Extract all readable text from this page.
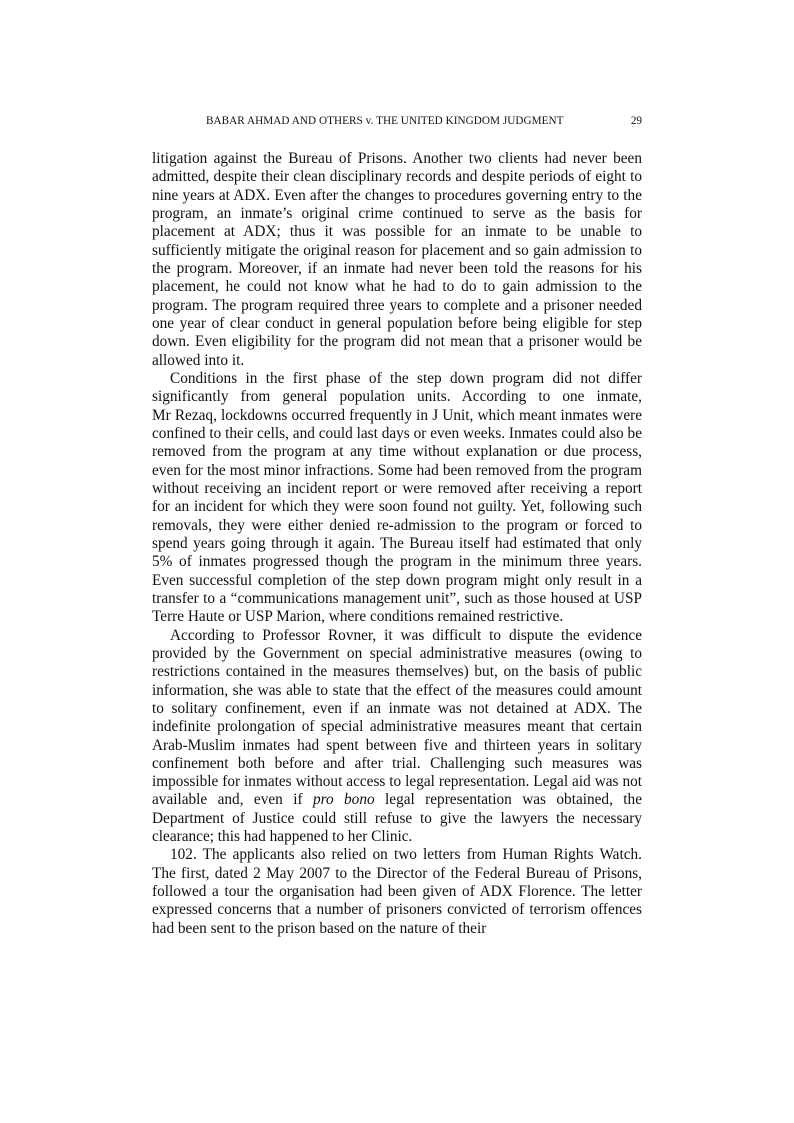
BABAR AHMAD AND OTHERS v. THE UNITED KINGDOM JUDGMENT	29

litigation against the Bureau of Prisons. Another two clients had never been admitted, despite their clean disciplinary records and despite periods of eight to nine years at ADX. Even after the changes to procedures governing entry to the program, an inmate’s original crime continued to serve as the basis for placement at ADX; thus it was possible for an inmate to be unable to sufficiently mitigate the original reason for placement and so gain admission to the program. Moreover, if an inmate had never been told the reasons for his placement, he could not know what he had to do to gain admission to the program. The program required three years to complete and a prisoner needed one year of clear conduct in general population before being eligible for step down. Even eligibility for the program did not mean that a prisoner would be allowed into it.

Conditions in the first phase of the step down program did not differ significantly from general population units. According to one inmate, Mr Rezaq, lockdowns occurred frequently in J Unit, which meant inmates were confined to their cells, and could last days or even weeks. Inmates could also be removed from the program at any time without explanation or due process, even for the most minor infractions. Some had been removed from the program without receiving an incident report or were removed after receiving a report for an incident for which they were soon found not guilty. Yet, following such removals, they were either denied re-admission to the program or forced to spend years going through it again. The Bureau itself had estimated that only 5% of inmates progressed though the program in the minimum three years. Even successful completion of the step down program might only result in a transfer to a “communications management unit”, such as those housed at USP Terre Haute or USP Marion, where conditions remained restrictive.

According to Professor Rovner, it was difficult to dispute the evidence provided by the Government on special administrative measures (owing to restrictions contained in the measures themselves) but, on the basis of public information, she was able to state that the effect of the measures could amount to solitary confinement, even if an inmate was not detained at ADX. The indefinite prolongation of special administrative measures meant that certain Arab-Muslim inmates had spent between five and thirteen years in solitary confinement both before and after trial. Challenging such measures was impossible for inmates without access to legal representation. Legal aid was not available and, even if pro bono legal representation was obtained, the Department of Justice could still refuse to give the lawyers the necessary clearance; this had happened to her Clinic.

102. The applicants also relied on two letters from Human Rights Watch. The first, dated 2 May 2007 to the Director of the Federal Bureau of Prisons, followed a tour the organisation had been given of ADX Florence. The letter expressed concerns that a number of prisoners convicted of terrorism offences had been sent to the prison based on the nature of their
